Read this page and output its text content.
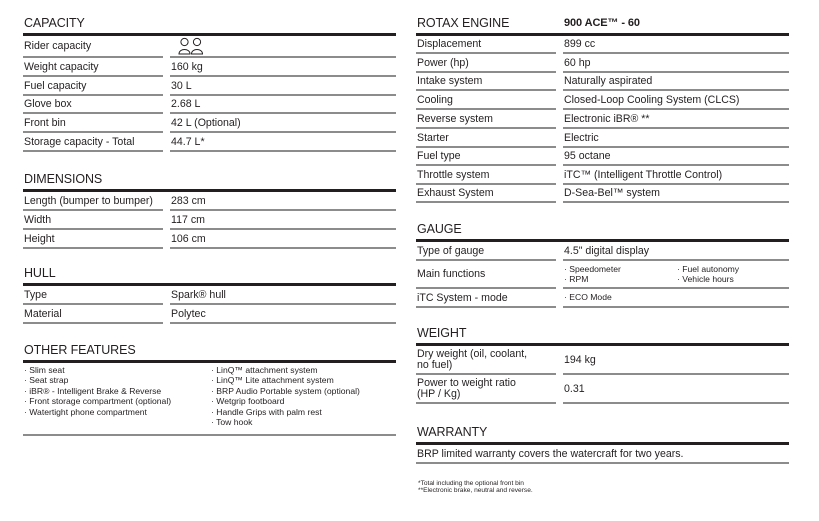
CAPACITY
Rider capacity
Weight capacity	160 kg
Fuel capacity	30 L
Glove box	2.68 L
Front bin	42 L (Optional)
Storage capacity - Total	44.7 L*
DIMENSIONS
Length (bumper to bumper)	283 cm
Width	117 cm
Height	106 cm
HULL
Type	Spark® hull
Material	Polytec
OTHER FEATURES
· Slim seat
· Seat strap
· iBR® - Intelligent Brake & Reverse
· Front storage compartment (optional)
· Watertight phone compartment
· LinQ™ attachment system
· LinQ™ Lite attachment system
· BRP Audio Portable system (optional)
· Wetgrip footboard
· Handle Grips with palm rest
· Tow hook
ROTAX ENGINE	900 ACE™ - 60
Displacement	899 cc
Power (hp)	60 hp
Intake system	Naturally aspirated
Cooling	Closed-Loop Cooling System (CLCS)
Reverse system	Electronic iBR® **
Starter	Electric
Fuel type	95 octane
Throttle system	iTC™ (Intelligent Throttle Control)
Exhaust System	D-Sea-Bel™ system
GAUGE
Type of gauge	4.5" digital display
Main functions	· Speedometer
· RPM
· Fuel autonomy
· Vehicle hours
iTC System - mode	· ECO Mode
WEIGHT
Dry weight (oil, coolant,
no fuel)	194 kg
Power to weight ratio
(HP / Kg)	0.31
WARRANTY
BRP limited warranty covers the watercraft for two years.
*Total including the optional front bin
**Electronic brake, neutral and reverse.
